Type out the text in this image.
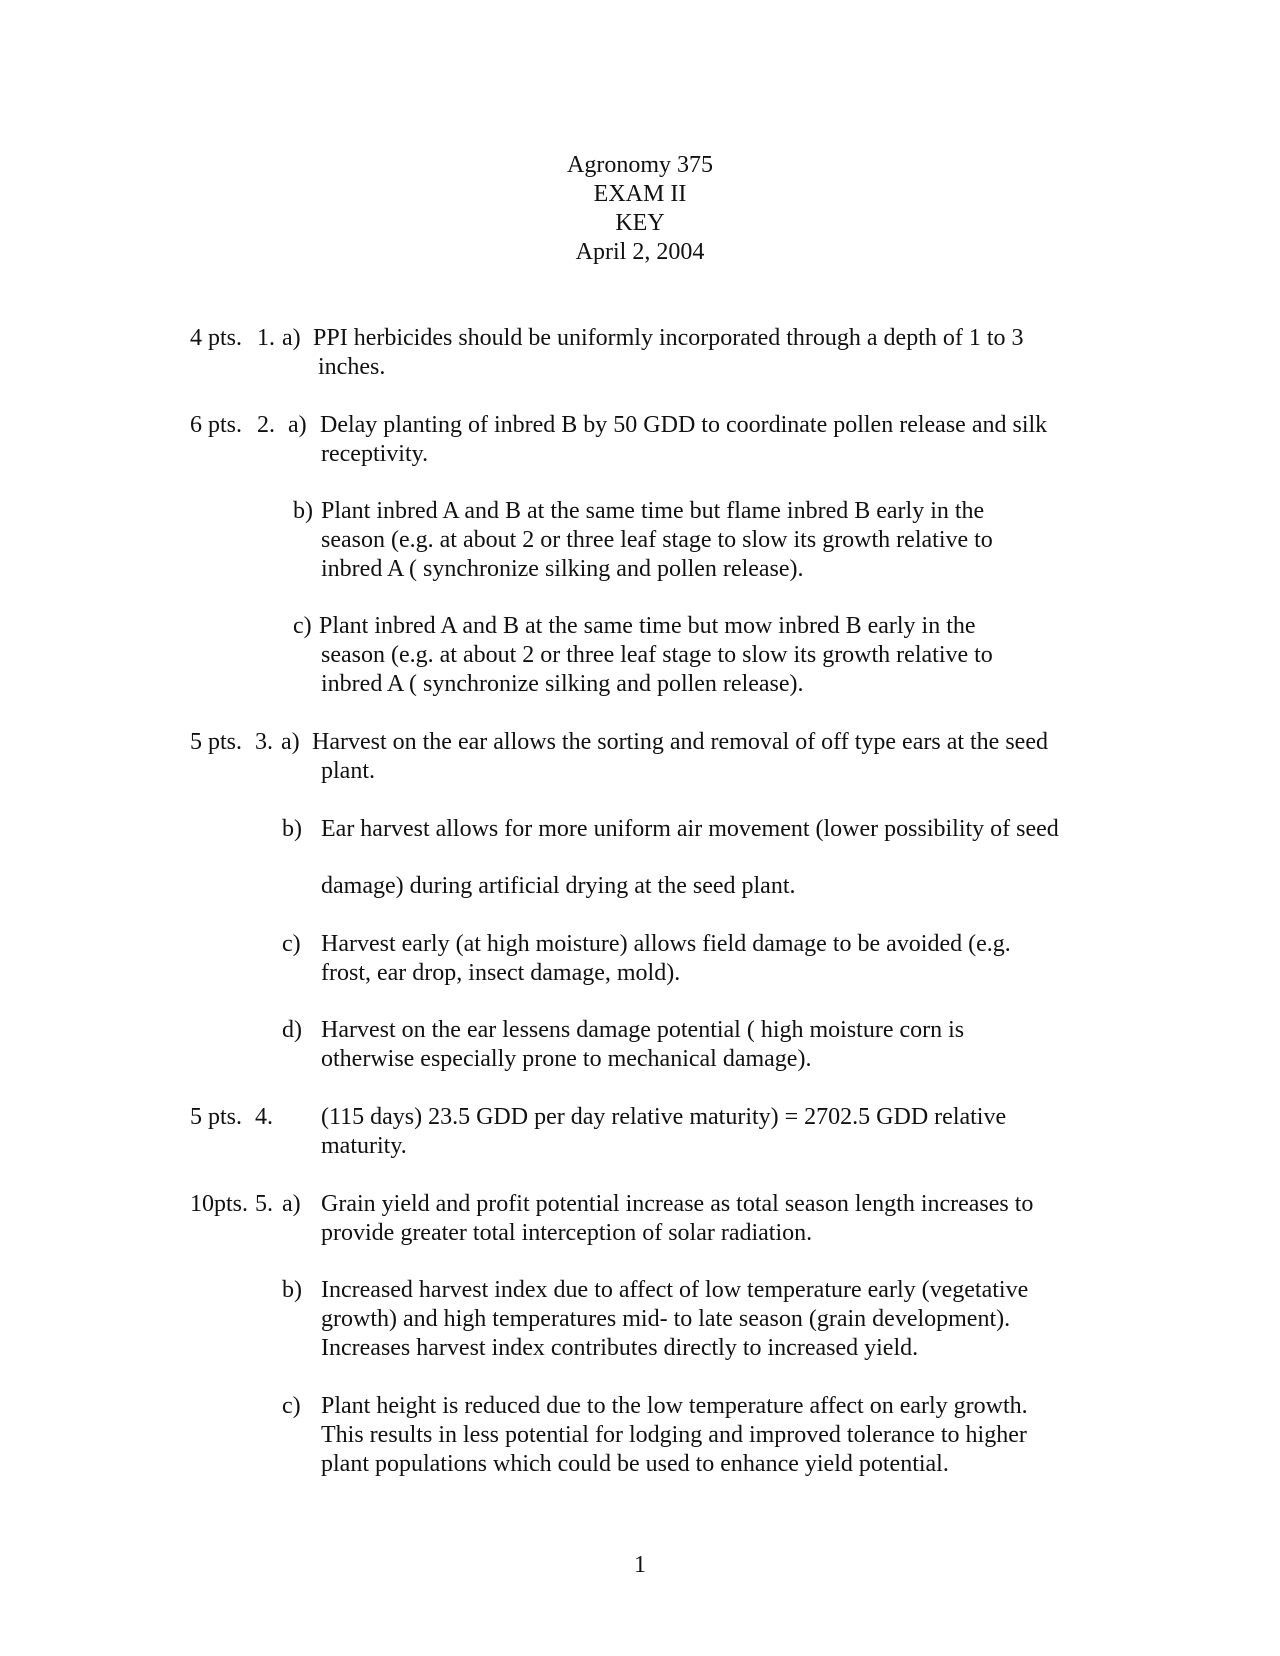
Agronomy 375
EXAM II
KEY
April 2, 2004
4 pts. 1. a) PPI herbicides should be uniformly incorporated through a depth of 1 to 3
inches.
6 pts. 2. a) Delay planting of inbred B by 50 GDD to coordinate pollen release and silk
receptivity.
b) Plant inbred A and B at the same time but flame inbred B early in the
season (e.g. at about 2 or three leaf stage to slow its growth relative to
inbred A ( synchronize silking and pollen release).
c) Plant inbred A and B at the same time but mow inbred B early in the
season (e.g. at about 2 or three leaf stage to slow its growth relative to
inbred A ( synchronize silking and pollen release).
5 pts. 3. a) Harvest on the ear allows the sorting and removal of off type ears at the seed
plant.
b) Ear harvest allows for more uniform air movement (lower possibility of seed
damage) during artificial drying at the seed plant.
c) Harvest early (at high moisture) allows field damage to be avoided (e.g.
frost, ear drop, insect damage, mold).
d) Harvest on the ear lessens damage potential ( high moisture corn is
otherwise especially prone to mechanical damage).
5 pts. 4. (115 days) 23.5 GDD per day relative maturity) = 2702.5 GDD relative
maturity.
10pts. 5. a) Grain yield and profit potential increase as total season length increases to
provide greater total interception of solar radiation.
b) Increased harvest index due to affect of low temperature early (vegetative
growth) and high temperatures mid- to late season (grain development).
Increases harvest index contributes directly to increased yield.
c) Plant height is reduced due to the low temperature affect on early growth.
This results in less potential for lodging and improved tolerance to higher
plant populations which could be used to enhance yield potential.
1
